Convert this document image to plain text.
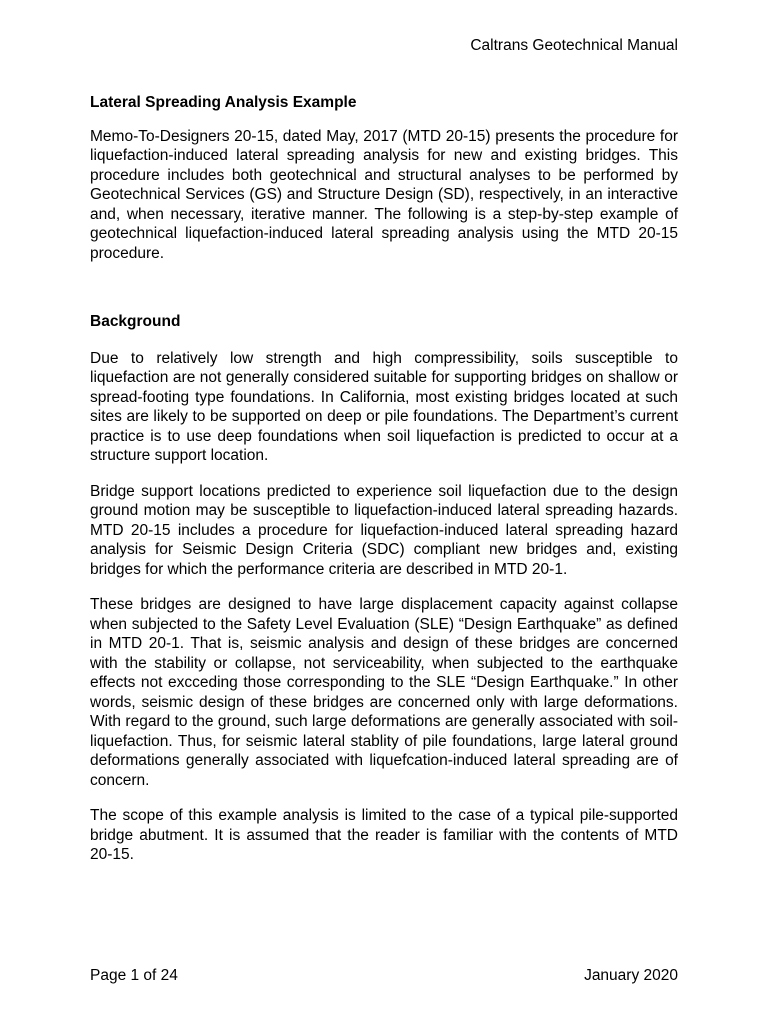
Caltrans Geotechnical Manual
Lateral Spreading Analysis Example

Memo-To-Designers 20-15, dated May, 2017 (MTD 20-15) presents the procedure for liquefaction-induced lateral spreading analysis for new and existing bridges. This procedure includes both geotechnical and structural analyses to be performed by Geotechnical Services (GS) and Structure Design (SD), respectively, in an interactive and, when necessary, iterative manner. The following is a step-by-step example of geotechnical liquefaction-induced lateral spreading analysis using the MTD 20-15 procedure.

Background

Due to relatively low strength and high compressibility, soils susceptible to liquefaction are not generally considered suitable for supporting bridges on shallow or spread-footing type foundations. In California, most existing bridges located at such sites are likely to be supported on deep or pile foundations. The Department’s current practice is to use deep foundations when soil liquefaction is predicted to occur at a structure support location.

Bridge support locations predicted to experience soil liquefaction due to the design ground motion may be susceptible to liquefaction-induced lateral spreading hazards. MTD 20-15 includes a procedure for liquefaction-induced lateral spreading hazard analysis for Seismic Design Criteria (SDC) compliant new bridges and, existing bridges for which the performance criteria are described in MTD 20-1.

These bridges are designed to have large displacement capacity against collapse when subjected to the Safety Level Evaluation (SLE) “Design Earthquake” as defined in MTD 20-1. That is, seismic analysis and design of these bridges are concerned with the stability or collapse, not serviceability, when subjected to the earthquake effects not excceding those corresponding to the SLE “Design Earthquake.” In other words, seismic design of these bridges are concerned only with large deformations. With regard to the ground, such large deformations are generally associated with soil-liquefaction. Thus, for seismic lateral stablity of pile foundations, large lateral ground deformations generally associated with liquefcation-induced lateral spreading are of concern.

The scope of this example analysis is limited to the case of a typical pile-supported bridge abutment. It is assumed that the reader is familiar with the contents of MTD 20-15.

Page 1 of 24	January 2020
